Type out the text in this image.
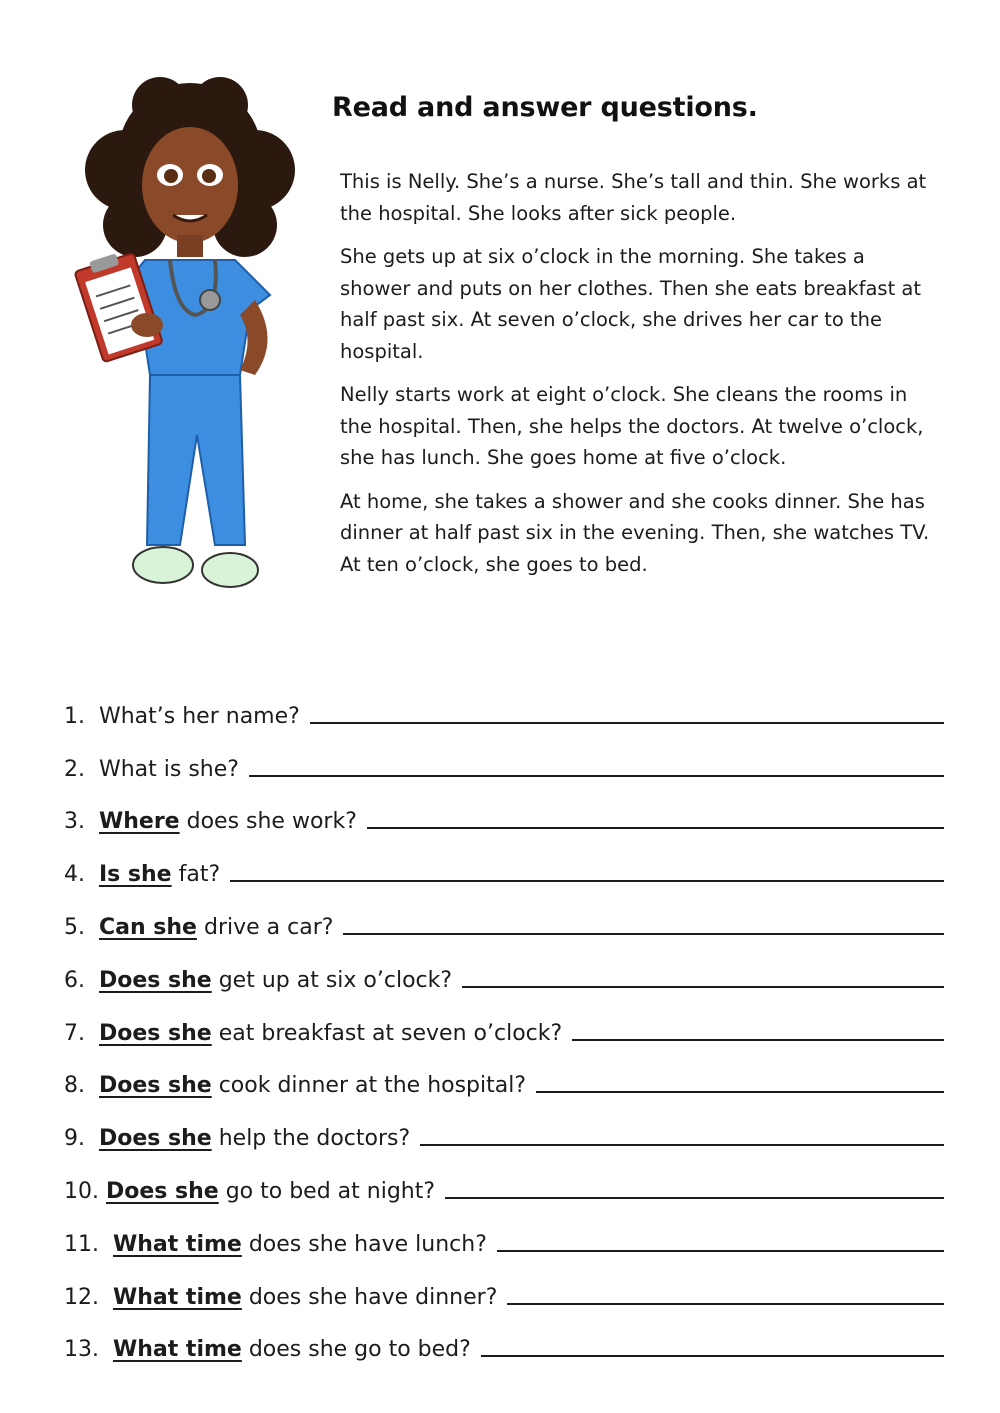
Read and answer questions.

This is Nelly. She’s a nurse. She’s tall and thin. She works at the hospital. She looks after sick people.

She gets up at six o’clock in the morning. She takes a shower and puts on her clothes. Then she eats breakfast at half past six. At seven o’clock, she drives her car to the hospital.

Nelly starts work at eight o’clock. She cleans the rooms in the hospital. Then, she helps the doctors. At twelve o’clock, she has lunch. She goes home at five o’clock.

At home, she takes a shower and she cooks dinner. She has dinner at half past six in the evening. Then, she watches TV. At ten o’clock, she goes to bed.

1. What’s her name?
2. What is she?
3. Where does she work?
4. Is she fat?
5. Can she drive a car?
6. Does she get up at six o’clock?
7. Does she eat breakfast at seven o’clock?
8. Does she cook dinner at the hospital?
9. Does she help the doctors?
10. Does she go to bed at night?
11. What time does she have lunch?
12. What time does she have dinner?
13. What time does she go to bed?
